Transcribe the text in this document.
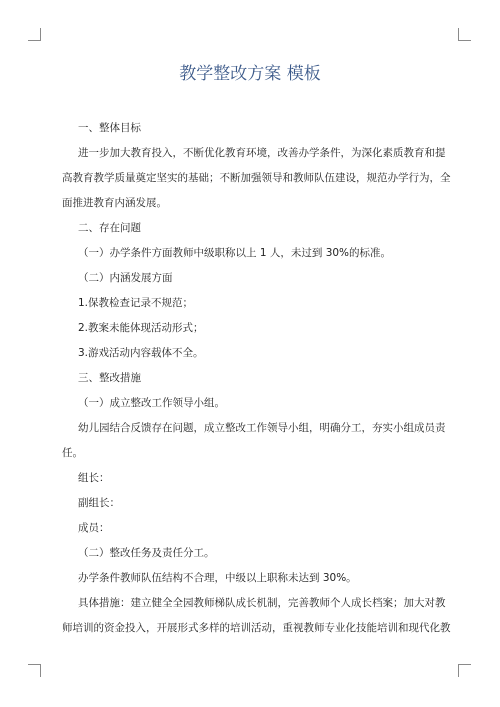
教学整改方案 模板
一、整体目标
进一步加大教育投入，不断优化教育环境，改善办学条件，为深化素质教育和提
高教育教学质量奠定坚实的基础；不断加强领导和教师队伍建设，规范办学行为，全
面推进教育内涵发展。
二、存在问题
（一）办学条件方面教师中级职称以上 1 人，未过到 30%的标准。
（二）内涵发展方面
1.保教检查记录不规范；
2.教案未能体现活动形式；
3.游戏活动内容载体不全。
三、整改措施
（一）成立整改工作领导小组。
幼儿园结合反馈存在问题，成立整改工作领导小组，明确分工，夯实小组成员责
任。
组长：
副组长：
成员：
（二）整改任务及责任分工。
办学条件教师队伍结构不合理，中级以上职称未达到 30%。
具体措施：建立健全全园教师梯队成长机制，完善教师个人成长档案；加大对教
师培训的资金投入，开展形式多样的培训活动，重视教师专业化技能培训和现代化教
